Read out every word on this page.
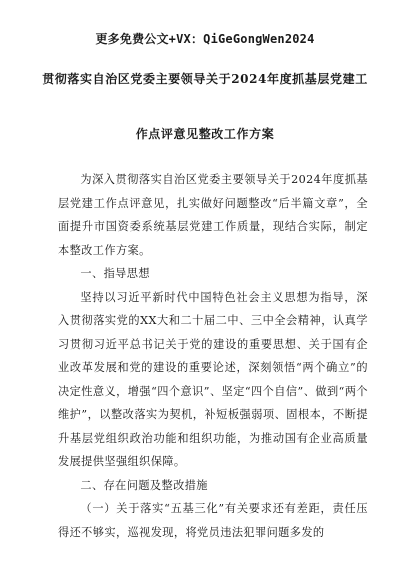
更多免费公文+VX：QiGeGongWen2024
贯彻落实自治区党委主要领导关于2024年度抓基层党建工
作点评意见整改工作方案

为深入贯彻落实自治区党委主要领导关于2024年度抓基层党建工作点评意见，扎实做好问题整改“后半篇文章”，全面提升市国资委系统基层党建工作质量，现结合实际，制定本整改工作方案。

一、指导思想

坚持以习近平新时代中国特色社会主义思想为指导，深入贯彻落实党的XX大和二十届二中、三中全会精神，认真学习贯彻习近平总书记关于党的建设的重要思想、关于国有企业改革发展和党的建设的重要论述，深刻领悟“两个确立”的决定性意义，增强“四个意识”、坚定“四个自信”、做到“两个维护”，以整改落实为契机，补短板强弱项、固根本，不断提升基层党组织政治功能和组织功能，为推动国有企业高质量发展提供坚强组织保障。

二、存在问题及整改措施

（一）关于落实“五基三化”有关要求还有差距，责任压得还不够实，巡视发现，将党员违法犯罪问题多发的
